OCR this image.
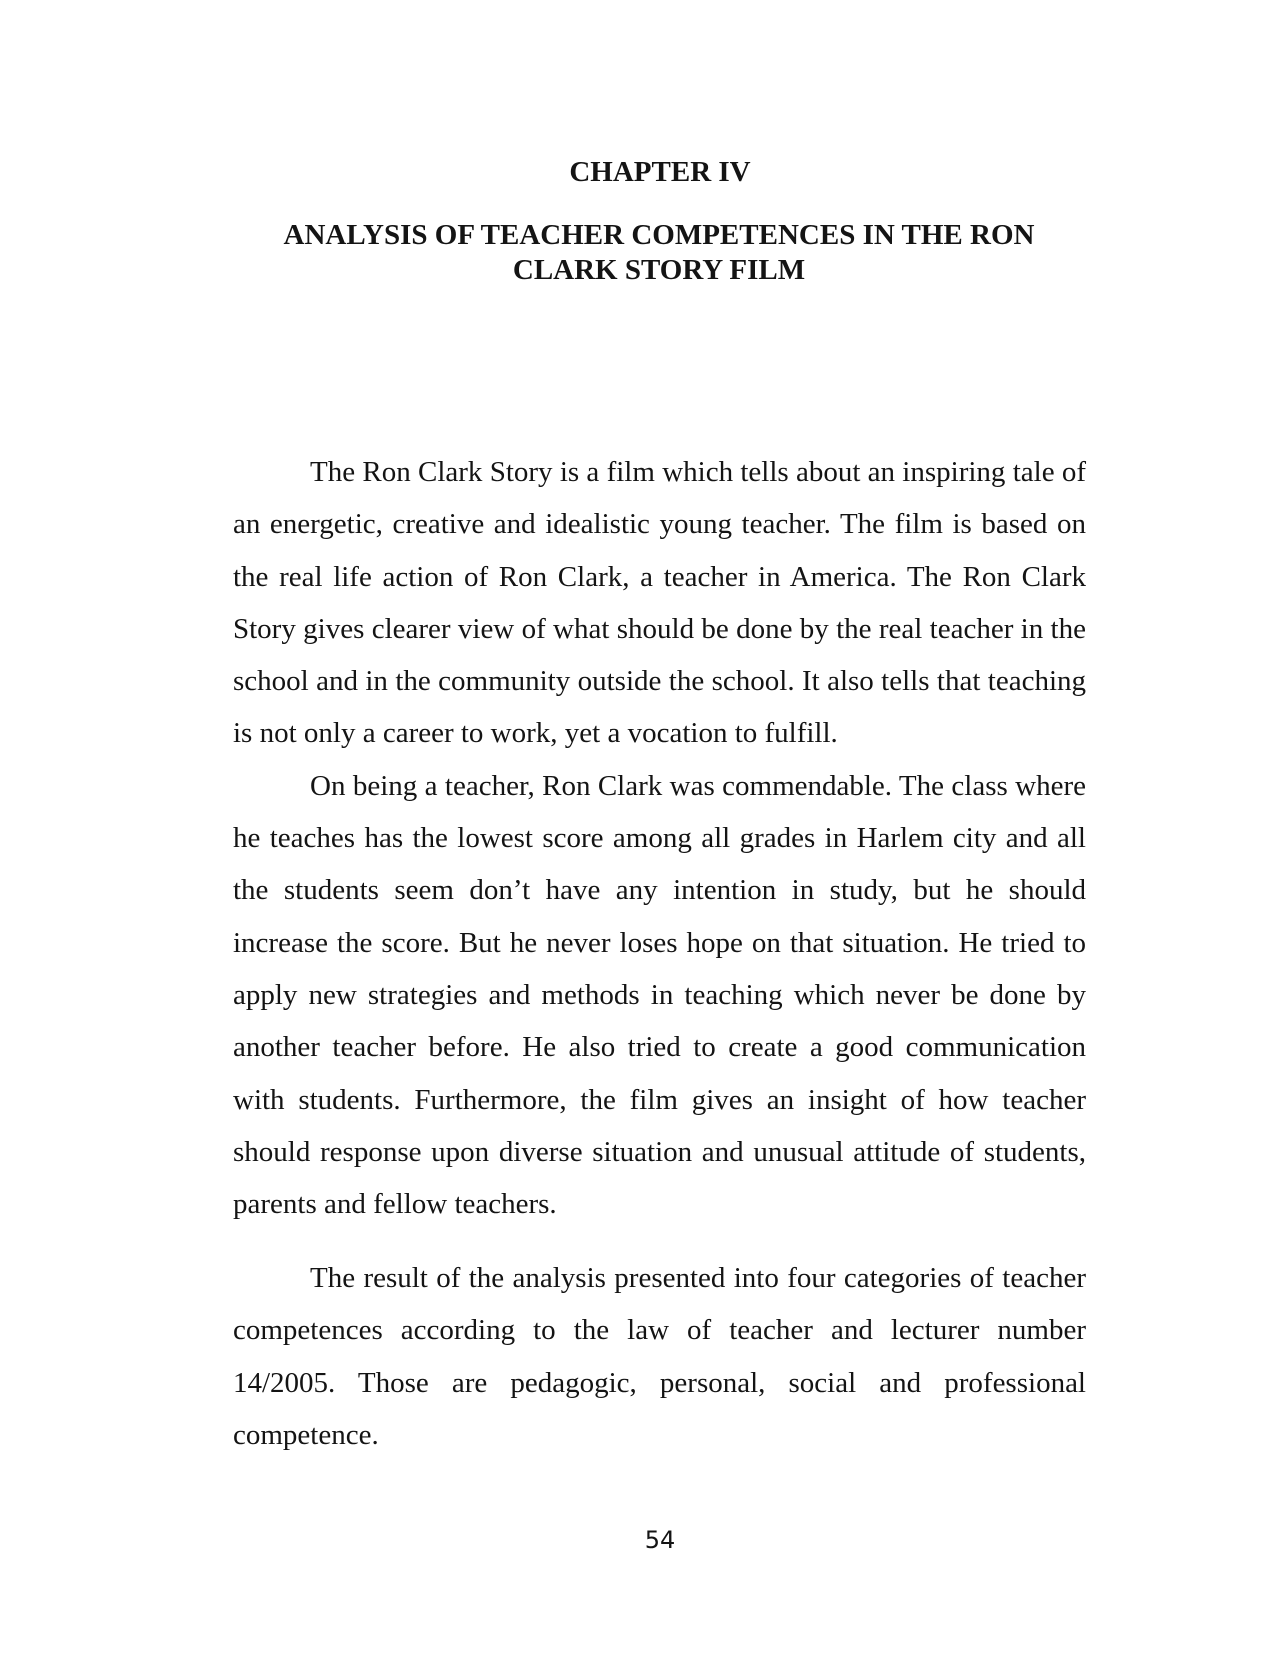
CHAPTER IV
ANALYSIS OF TEACHER COMPETENCES IN THE RON CLARK STORY FILM

The Ron Clark Story is a film which tells about an inspiring tale of an energetic, creative and idealistic young teacher. The film is based on the real life action of Ron Clark, a teacher in America. The Ron Clark Story gives clearer view of what should be done by the real teacher in the school and in the community outside the school. It also tells that teaching is not only a career to work, yet a vocation to fulfill.

On being a teacher, Ron Clark was commendable. The class where he teaches has the lowest score among all grades in Harlem city and all the students seem don’t have any intention in study, but he should increase the score. But he never loses hope on that situation. He tried to apply new strategies and methods in teaching which never be done by another teacher before. He also tried to create a good communication with students. Furthermore, the film gives an insight of how teacher should response upon diverse situation and unusual attitude of students, parents and fellow teachers.

The result of the analysis presented into four categories of teacher competences according to the law of teacher and lecturer number 14/2005. Those are pedagogic, personal, social and professional competence.

54
